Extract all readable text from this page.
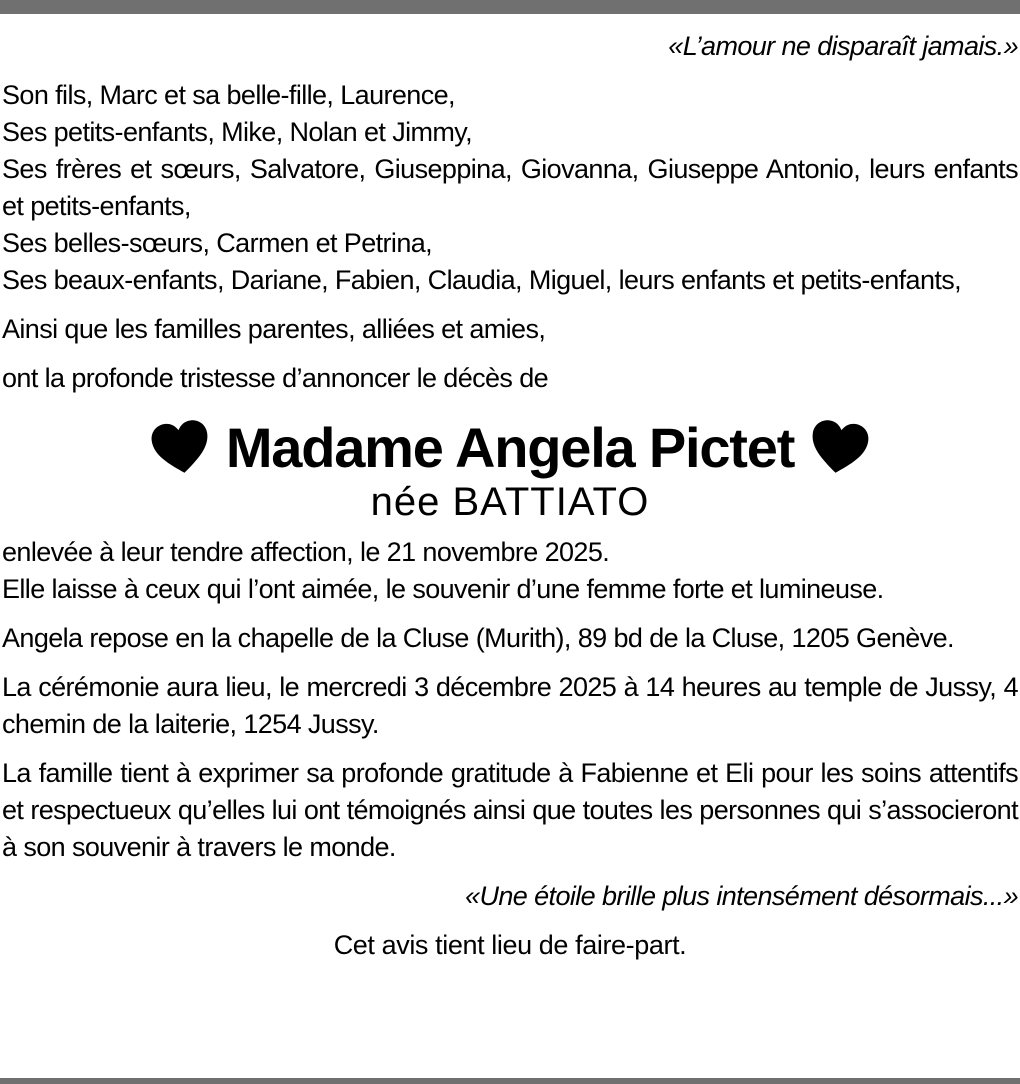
«L’amour ne disparaît jamais.»

Son fils, Marc et sa belle-fille, Laurence,

Ses petits-enfants, Mike, Nolan et Jimmy,

Ses frères et sœurs, Salvatore, Giuseppina, Giovanna, Giuseppe Antonio, leurs enfants et petits-enfants,

Ses belles-sœurs, Carmen et Petrina,

Ses beaux-enfants, Dariane, Fabien, Claudia, Miguel, leurs enfants et petits-enfants,

Ainsi que les familles parentes, alliées et amies,

ont la profonde tristesse d’annoncer le décès de

Madame Angela Pictet
née BATTIATO

enlevée à leur tendre affection, le 21 novembre 2025.

Elle laisse à ceux qui l’ont aimée, le souvenir d’une femme forte et lumineuse.

Angela repose en la chapelle de la Cluse (Murith), 89 bd de la Cluse, 1205 Genève.

La cérémonie aura lieu, le mercredi 3 décembre 2025 à 14 heures au temple de Jussy, 4 chemin de la laiterie, 1254 Jussy.

La famille tient à exprimer sa profonde gratitude à Fabienne et Eli pour les soins attentifs et respectueux qu’elles lui ont témoignés ainsi que toutes les personnes qui s’associeront à son souvenir à travers le monde.

«Une étoile brille plus intensément désormais...»

Cet avis tient lieu de faire-part.
